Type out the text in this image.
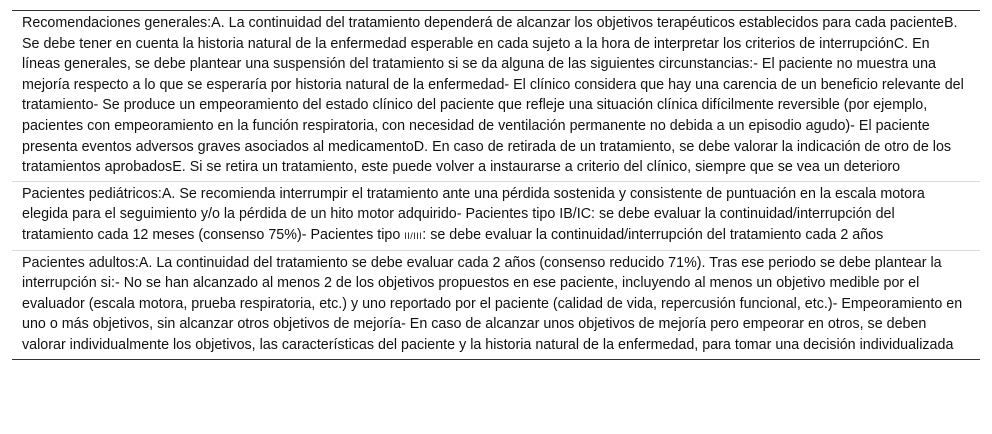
Recomendaciones generales:A. La continuidad del tratamiento dependerá de alcanzar los objetivos terapéuticos establecidos para cada pacienteB. Se debe tener en cuenta la historia natural de la enfermedad esperable en cada sujeto a la hora de interpretar los criterios de interrupciónC. En líneas generales, se debe plantear una suspensión del tratamiento si se da alguna de las siguientes circunstancias:- El paciente no muestra una mejoría respecto a lo que se esperaría por historia natural de la enfermedad- El clínico considera que hay una carencia de un beneficio relevante del tratamiento- Se produce un empeoramiento del estado clínico del paciente que refleje una situación clínica difícilmente reversible (por ejemplo, pacientes con empeoramiento en la función respiratoria, con necesidad de ventilación permanente no debida a un episodio agudo)- El paciente presenta eventos adversos graves asociados al medicamentoD. En caso de retirada de un tratamiento, se debe valorar la indicación de otro de los tratamientos aprobadosE. Si se retira un tratamiento, este puede volver a instaurarse a criterio del clínico, siempre que se vea un deterioro
Pacientes pediátricos:A. Se recomienda interrumpir el tratamiento ante una pérdida sostenida y consistente de puntuación en la escala motora elegida para el seguimiento y/o la pérdida de un hito motor adquirido- Pacientes tipo IB/IC: se debe evaluar la continuidad/interrupción del tratamiento cada 12 meses (consenso 75%)- Pacientes tipo II/III: se debe evaluar la continuidad/interrupción del tratamiento cada 2 años
Pacientes adultos:A. La continuidad del tratamiento se debe evaluar cada 2 años (consenso reducido 71%). Tras ese periodo se debe plantear la interrupción si:- No se han alcanzado al menos 2 de los objetivos propuestos en ese paciente, incluyendo al menos un objetivo medible por el evaluador (escala motora, prueba respiratoria, etc.) y uno reportado por el paciente (calidad de vida, repercusión funcional, etc.)- Empeoramiento en uno o más objetivos, sin alcanzar otros objetivos de mejoría- En caso de alcanzar unos objetivos de mejoría pero empeorar en otros, se deben valorar individualmente los objetivos, las características del paciente y la historia natural de la enfermedad, para tomar una decisión individualizada
